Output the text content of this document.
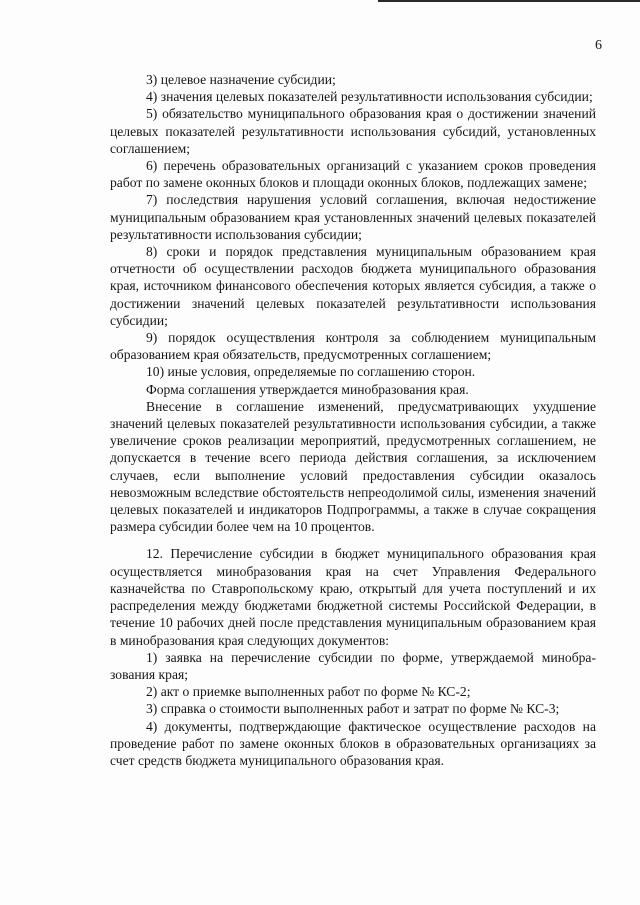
6

3) целевое назначение субсидии;

4) значения целевых показателей результативности использования субсидии;

5) обязательство муниципального образования края о достижении значений целевых показателей результативности использования субсидий, установленных соглашением;

6) перечень образовательных организаций с указанием сроков проведения работ по замене оконных блоков и площади оконных блоков, подлежащих замене;

7) последствия нарушения условий соглашения, включая недостижение муниципальным образованием края установленных значений целевых показателей результативности использования субсидии;

8) сроки и порядок представления муниципальным образованием края отчетности об осуществлении расходов бюджета муниципального образования края, источником финансового обеспечения которых является субсидия, а также о достижении значений целевых показателей результативности использования субсидии;

9) порядок осуществления контроля за соблюдением муниципальным образованием края обязательств, предусмотренных соглашением;

10) иные условия, определяемые по соглашению сторон.

Форма соглашения утверждается минобразования края.

Внесение в соглашение изменений, предусматривающих ухудшение значений целевых показателей результативности использования субсидии, а также увеличение сроков реализации мероприятий, предусмотренных соглашением, не допускается в течение всего периода действия соглашения, за исключением случаев, если выполнение условий предоставления субсидии оказалось невозможным вследствие обстоятельств непреодолимой силы, изменения значений целевых показателей и индикаторов Подпрограммы, а также в случае сокращения размера субсидии более чем на 10 процентов.

12. Перечисление субсидии в бюджет муниципального образования края осуществляется минобразования края на счет Управления Федерального казначейства по Ставропольскому краю, открытый для учета поступлений и их распределения между бюджетами бюджетной системы Российской Федерации, в течение 10 рабочих дней после представления муниципальным образованием края в минобразования края следующих документов:

1) заявка на перечисление субсидии по форме, утверждаемой минобразования края;

2) акт о приемке выполненных работ по форме № КС-2;

3) справка о стоимости выполненных работ и затрат по форме № КС-3;

4) документы, подтверждающие фактическое осуществление расходов на проведение работ по замене оконных блоков в образовательных организациях за счет средств бюджета муниципального образования края.
